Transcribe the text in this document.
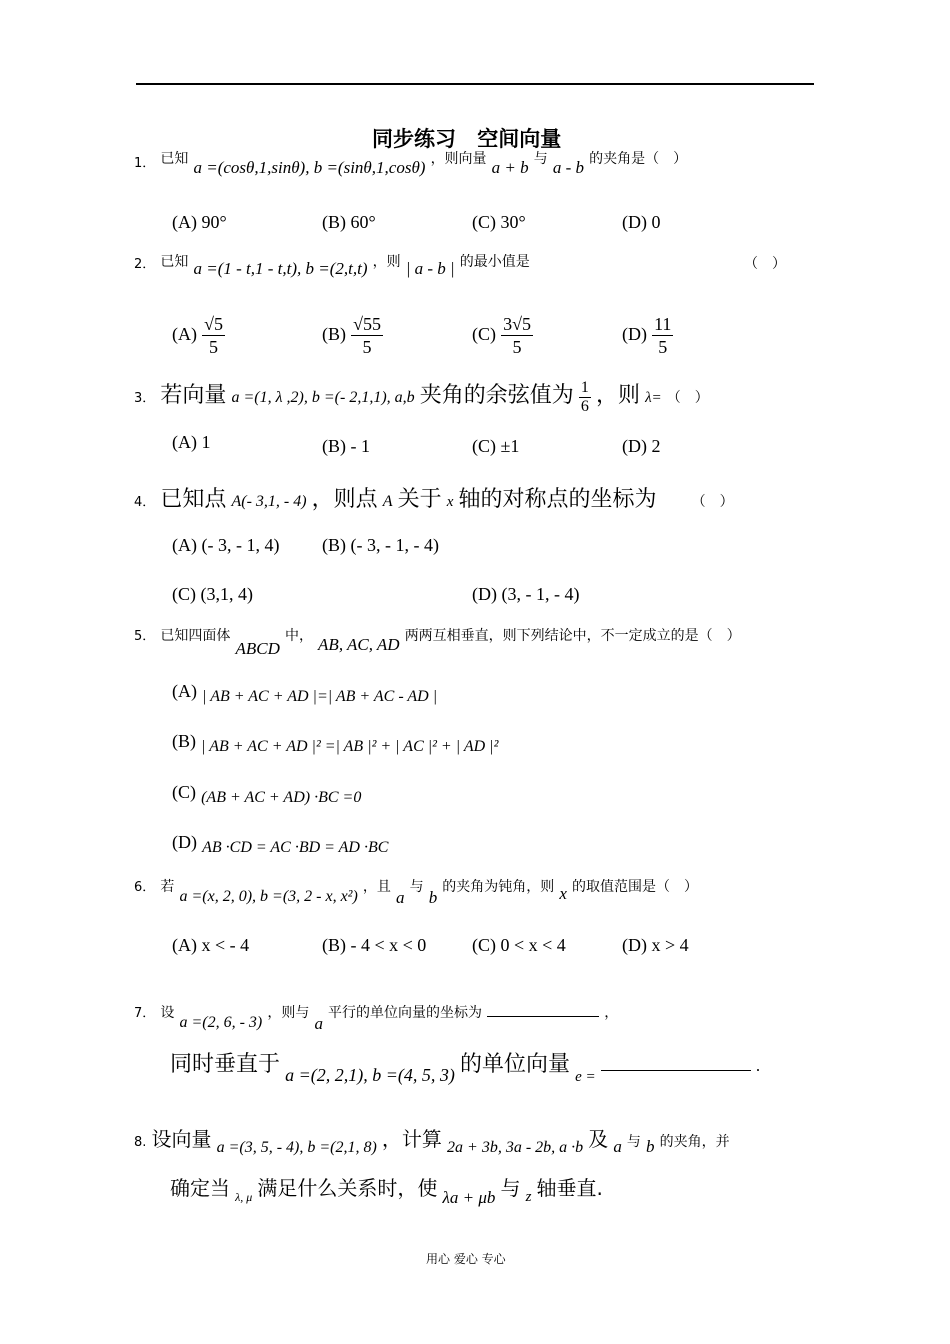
同步练习 空间向量
1． 已知 a =(cosθ,1,sinθ), b =(sinθ,1,cosθ) ，则向量 a + b 与 a - b 的夹角是（　）
(A) 90°	(B) 60°	(C) 30°	(D) 0
2． 已知 a =(1 - t,1 - t,t), b =(2,t,t) ，则 | a - b | 的最小值是	（　）
$(A) \frac{√5}{5}$	$(B) \frac{√55}{5}$	$(C) \frac{3√5}{5}$	$(D) \frac{11}{5}$
3． 若向量 a =(1, λ ,2), b =(- 2,1,1), a,b 夹角的余弦值为 $\frac{1}{6}$ ，则 λ= （　）
(A) 1	(B) - 1	(C) ±1	(D) 2
4． 已知点 A(- 3,1, - 4) ，则点 A 关于 x 轴的对称点的坐标为	（　）
(A) (- 3, - 1, 4) (B) (- 3, - 1, - 4)
(C) (3,1, 4)	(D) (3, - 1, - 4)
5． 已知四面体 ABCD 中， AB, AC, AD 两两互相垂直，则下列结论中，不一定成立的是（　）
(A) | AB + AC + AD |=| AB + AC - AD |
(B) | AB + AC + AD |² =| AB |² + | AC |² + | AD |²
(C) (AB + AC + AD) ·BC =0
(D) AB ·CD = AC ·BD = AD ·BC
6． 若 a =(x, 2, 0), b =(3, 2 - x, x²) ，且 a 与 b 的夹角为钝角，则 x 的取值范围是（　）
(A) x < - 4	(B) - 4 < x < 0	(C) 0 < x < 4	(D) x > 4
7． 设 a =(2, 6, - 3) ，则与 a 平行的单位向量的坐标为	，
同时垂直于 a =(2, 2,1), b =(4, 5, 3) 的单位向量 e =  .
8. 设向量 a =(3, 5, - 4), b =(2,1, 8) ，计算 2a + 3b, 3a - 2b, a ·b 及 a 与 b 的夹角，并
确定当 $_{\lambda, \mu}$ 满足什么关系时，使 λa + μb 与 z 轴垂直.
用心 爱心 专心
